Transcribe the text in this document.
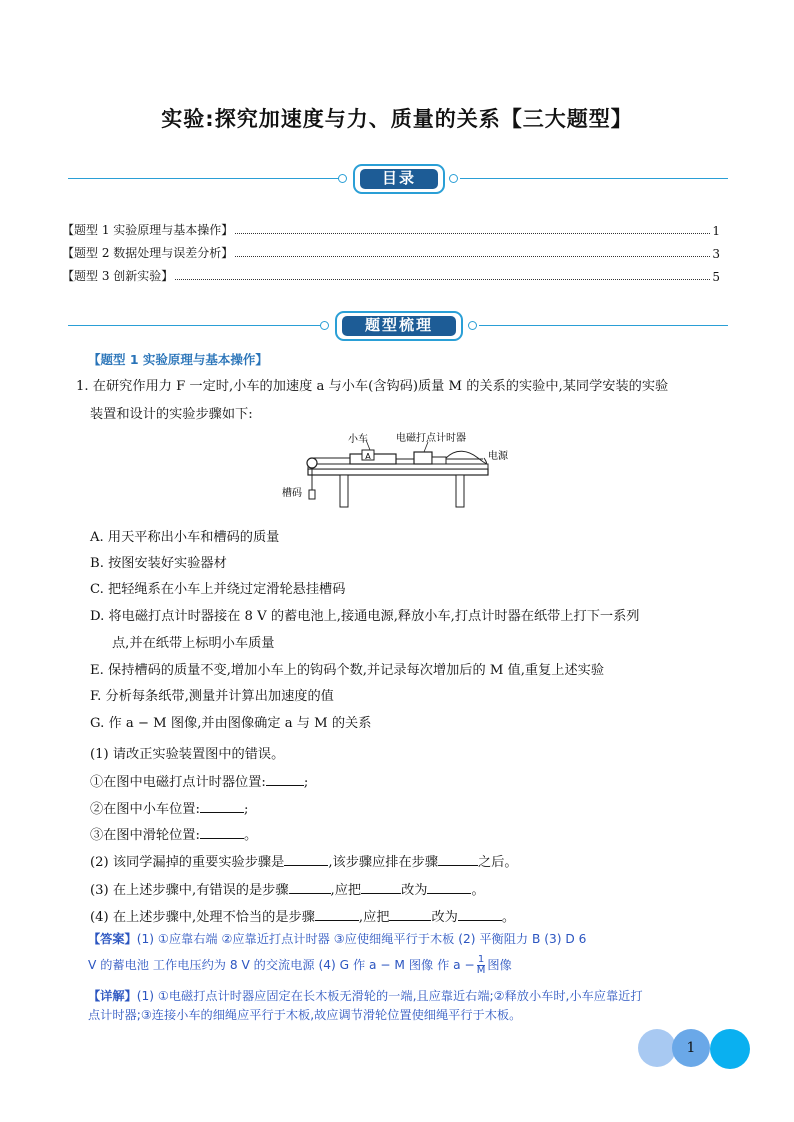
实验:探究加速度与力、质量的关系【三大题型】
目录
【题型 1 实验原理与基本操作】	1
【题型 2 数据处理与误差分析】	3
【题型 3 创新实验】	5
题型梳理
【题型 1 实验原理与基本操作】
1. 在研究作用力 F 一定时,小车的加速度 a 与小车(含钩码)质量 M 的关系的实验中,某同学安装的实验
装置和设计的实验步骤如下:
A
小车	电磁打点计时器
电源
槽码
A. 用天平称出小车和槽码的质量
B. 按图安装好实验器材
C. 把轻绳系在小车上并绕过定滑轮悬挂槽码
D. 将电磁打点计时器接在 8 V 的蓄电池上,接通电源,释放小车,打点计时器在纸带上打下一系列
点,并在纸带上标明小车质量
E. 保持槽码的质量不变,增加小车上的钩码个数,并记录每次增加后的 M 值,重复上述实验
F. 分析每条纸带,测量并计算出加速度的值
G. 作 a − M 图像,并由图像确定 a 与 M 的关系
(1) 请改正实验装置图中的错误。
①在图中电磁打点计时器位置:	;
②在图中小车位置:	;
③在图中滑轮位置:	。
(2) 该同学漏掉的重要实验步骤是	,该步骤应排在步骤	之后。
(3) 在上述步骤中,有错误的是步骤	,应把	改为	。
(4) 在上述步骤中,处理不恰当的是步骤	,应把	改为	。
【答案】(1) ①应靠右端 ②应靠近打点计时器 ③应使细绳平行于木板 (2) 平衡阻力 B (3) D 6
V 的蓄电池 工作电压约为 8 V 的交流电源 (4) G 作 a − M 图像 作 $a - \frac{1}{M}$ 图像
【详解】(1) ①电磁打点计时器应固定在长木板无滑轮的一端,且应靠近右端;②释放小车时,小车应靠近打
点计时器;③连接小车的细绳应平行于木板,故应调节滑轮位置使细绳平行于木板。
1
